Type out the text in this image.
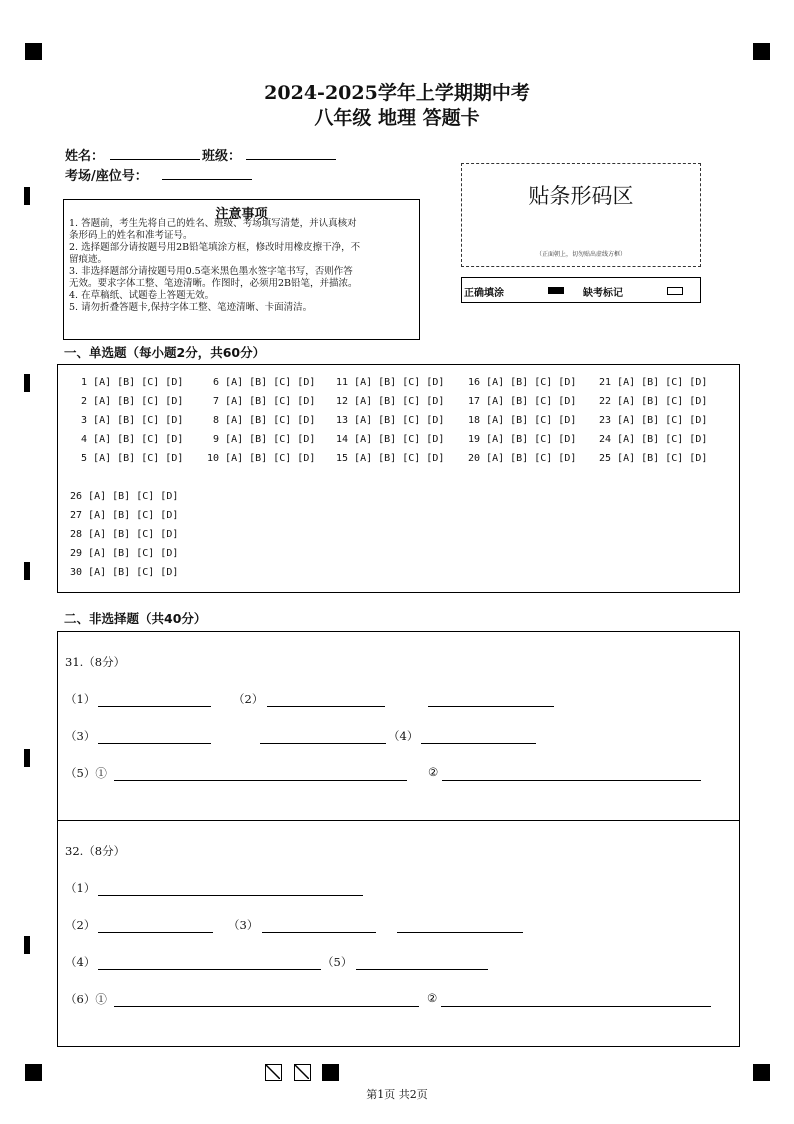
2024-2025学年上学期期中考
八年级 地理 答题卡
姓名：	班级：
考场/座位号：
注意事项
1. 答题前，考生先将自己的姓名、班级、考场填写清楚，并认真核对
条形码上的姓名和准考证号。
2. 选择题部分请按题号用2B铅笔填涂方框，修改时用橡皮擦干净，不
留痕迹。
3. 非选择题部分请按题号用0.5毫米黑色墨水签字笔书写，否则作答
无效。要求字体工整、笔迹清晰。作图时，必须用2B铅笔，并描浓。
4. 在草稿纸、试题卷上答题无效。
5. 请勿折叠答题卡,保持字体工整、笔迹清晰、卡面清洁。
贴条形码区
（正面朝上，切勿贴出虚线方框）
正确填涂	缺考标记
一、单选题（每小题2分，共60分）
1 [A] [B] [C] [D]
2 [A] [B] [C] [D]
3 [A] [B] [C] [D]
4 [A] [B] [C] [D]
5 [A] [B] [C] [D]
6 [A] [B] [C] [D]
7 [A] [B] [C] [D]
8 [A] [B] [C] [D]
9 [A] [B] [C] [D]
10 [A] [B] [C] [D]
11 [A] [B] [C] [D]
12 [A] [B] [C] [D]
13 [A] [B] [C] [D]
14 [A] [B] [C] [D]
15 [A] [B] [C] [D]
16 [A] [B] [C] [D]
17 [A] [B] [C] [D]
18 [A] [B] [C] [D]
19 [A] [B] [C] [D]
20 [A] [B] [C] [D]
21 [A] [B] [C] [D]
22 [A] [B] [C] [D]
23 [A] [B] [C] [D]
24 [A] [B] [C] [D]
25 [A] [B] [C] [D]
26 [A] [B] [C] [D]
27 [A] [B] [C] [D]
28 [A] [B] [C] [D]
29 [A] [B] [C] [D]
30 [A] [B] [C] [D]
二、非选择题（共40分）
31.（8分）
（1）	（2）
（3）	（4）
（5）①	②
32.（8分）
（1）
（2）	（3）
（4）	（5）
（6）①	②
第1页 共2页
